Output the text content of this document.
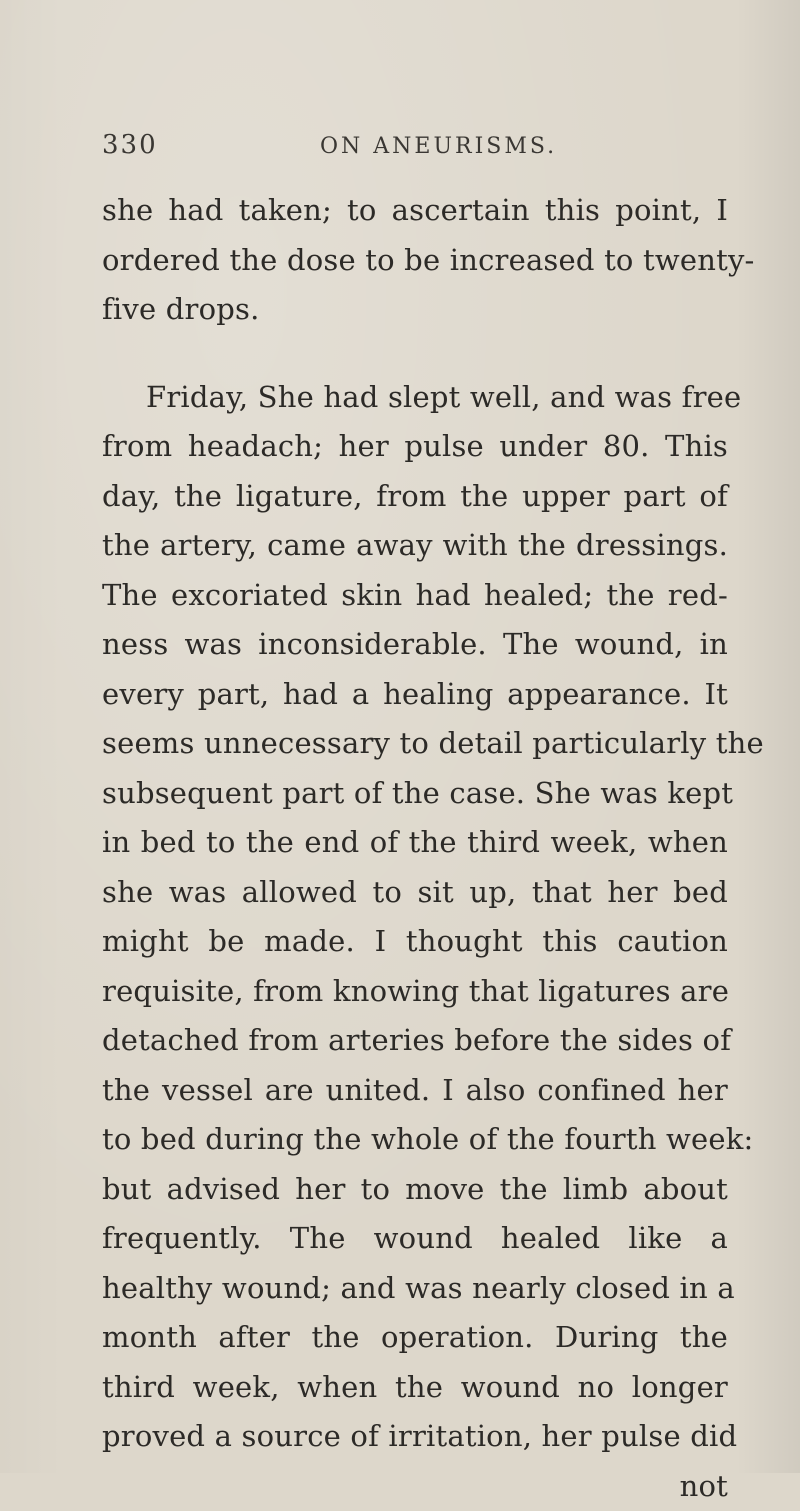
330	ON ANEURISMS.
she had taken; to ascertain this point, I
ordered the dose to be increased to twenty-
five drops.
Friday, She had slept well, and was free
from headach; her pulse under 80. This
day, the ligature, from the upper part of
the artery, came away with the dressings.
The excoriated skin had healed; the red-
ness was inconsiderable. The wound, in
every part, had a healing appearance. It
seems unnecessary to detail particularly the
subsequent part of the case. She was kept
in bed to the end of the third week, when
she was allowed to sit up, that her bed
might be made. I thought this caution
requisite, from knowing that ligatures are
detached from arteries before the sides of
the vessel are united. I also confined her
to bed during the whole of the fourth week:
but advised her to move the limb about
frequently. The wound healed like a
healthy wound; and was nearly closed in a
month after the operation. During the
third week, when the wound no longer
proved a source of irritation, her pulse did
not
